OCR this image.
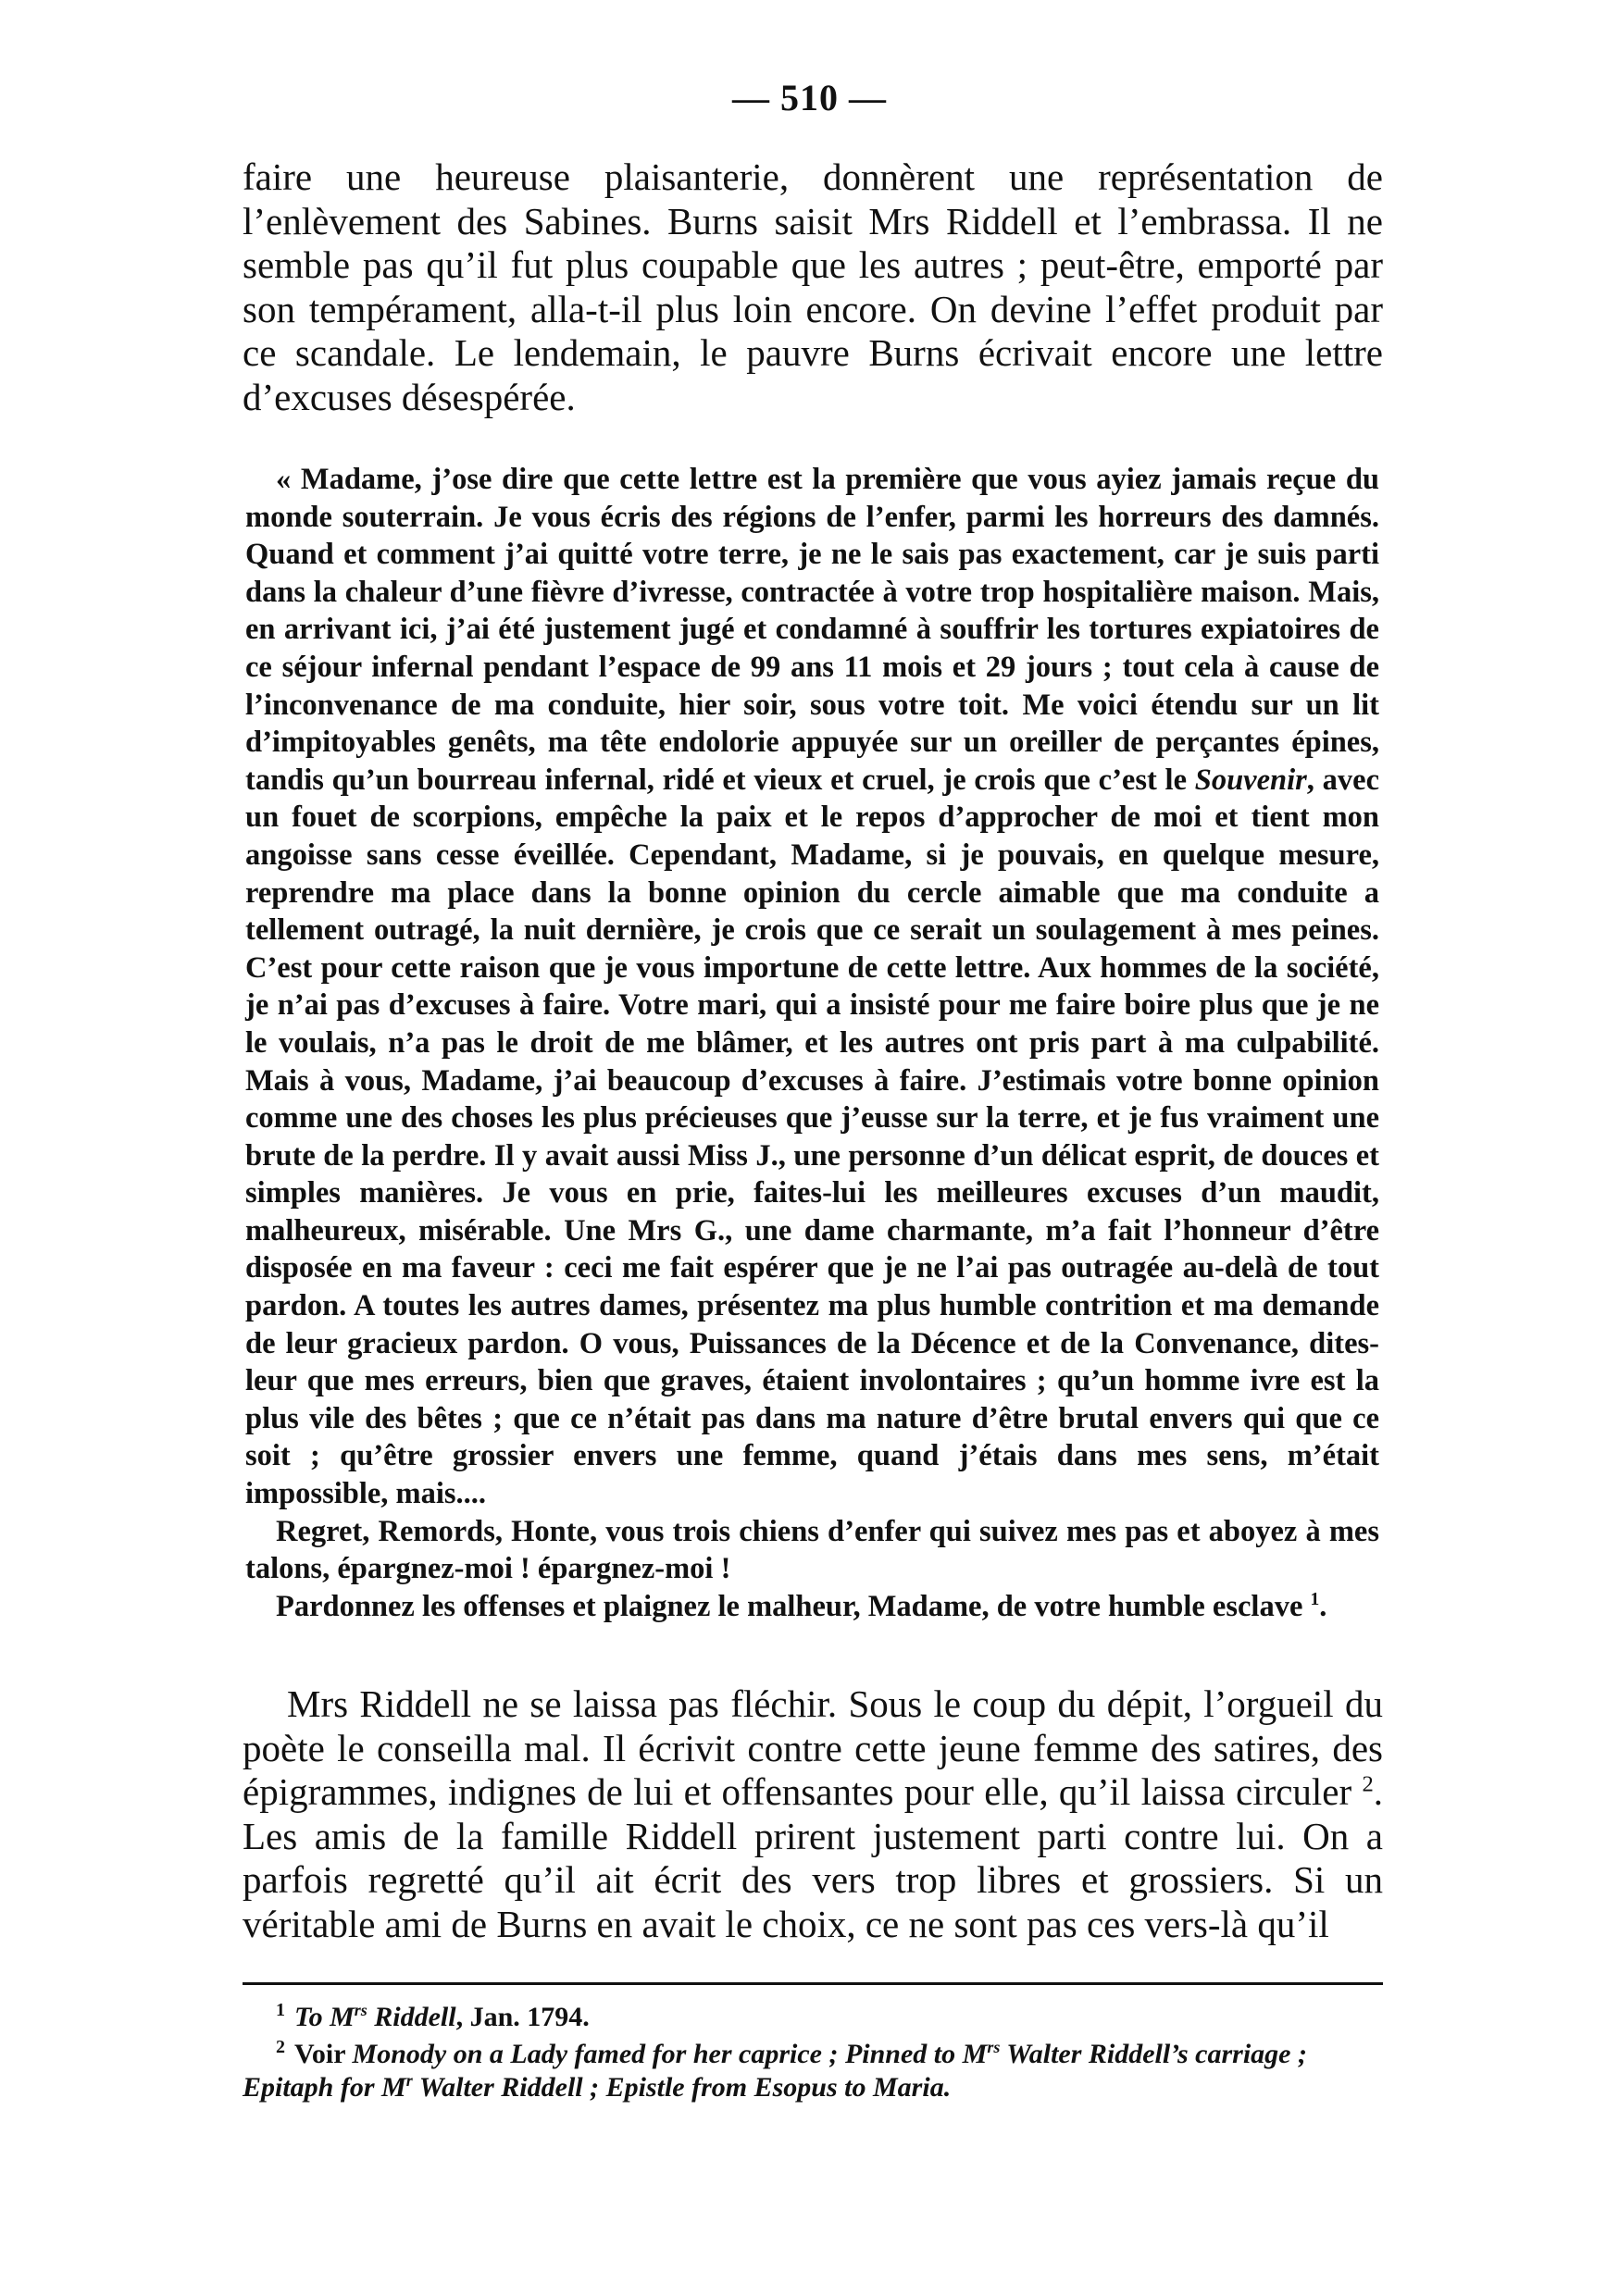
— 510 —

faire une heureuse plaisanterie, donnèrent une représentation de l’enlèvement des Sabines. Burns saisit Mrs Riddell et l’embrassa. Il ne semble pas qu’il fut plus coupable que les autres ; peut-être, emporté par son tempérament, alla-t-il plus loin encore. On devine l’effet produit par ce scandale. Le lendemain, le pauvre Burns écrivait encore une lettre d’excuses désespérée.

« Madame, j’ose dire que cette lettre est la première que vous ayiez jamais reçue du monde souterrain. Je vous écris des régions de l’enfer, parmi les horreurs des damnés. Quand et comment j’ai quitté votre terre, je ne le sais pas exactement, car je suis parti dans la chaleur d’une fièvre d’ivresse, contractée à votre trop hospitalière maison. Mais, en arrivant ici, j’ai été justement jugé et condamné à souffrir les tortures expiatoires de ce séjour infernal pendant l’espace de 99 ans 11 mois et 29 jours ; tout cela à cause de l’inconvenance de ma conduite, hier soir, sous votre toit. Me voici étendu sur un lit d’impitoyables genêts, ma tête endolorie appuyée sur un oreiller de perçantes épines, tandis qu’un bourreau infernal, ridé et vieux et cruel, je crois que c’est le Souvenir, avec un fouet de scorpions, empêche la paix et le repos d’approcher de moi et tient mon angoisse sans cesse éveillée. Cependant, Madame, si je pouvais, en quelque mesure, reprendre ma place dans la bonne opinion du cercle aimable que ma conduite a tellement outragé, la nuit dernière, je crois que ce serait un soulagement à mes peines. C’est pour cette raison que je vous importune de cette lettre. Aux hommes de la société, je n’ai pas d’excuses à faire. Votre mari, qui a insisté pour me faire boire plus que je ne le voulais, n’a pas le droit de me blâmer, et les autres ont pris part à ma culpabilité. Mais à vous, Madame, j’ai beaucoup d’excuses à faire. J’estimais votre bonne opinion comme une des choses les plus précieuses que j’eusse sur la terre, et je fus vraiment une brute de la perdre. Il y avait aussi Miss J., une personne d’un délicat esprit, de douces et simples manières. Je vous en prie, faites-lui les meilleures excuses d’un maudit, malheureux, misérable. Une Mrs G., une dame charmante, m’a fait l’honneur d’être disposée en ma faveur : ceci me fait espérer que je ne l’ai pas outragée au-delà de tout pardon. A toutes les autres dames, présentez ma plus humble contrition et ma demande de leur gracieux pardon. O vous, Puissances de la Décence et de la Convenance, dites-leur que mes erreurs, bien que graves, étaient involontaires ; qu’un homme ivre est la plus vile des bêtes ; que ce n’était pas dans ma nature d’être brutal envers qui que ce soit ; qu’être grossier envers une femme, quand j’étais dans mes sens, m’était impossible, mais....

Regret, Remords, Honte, vous trois chiens d’enfer qui suivez mes pas et aboyez à mes talons, épargnez-moi ! épargnez-moi !

Pardonnez les offenses et plaignez le malheur, Madame, de votre humble esclave $^1$.

Mrs Riddell ne se laissa pas fléchir. Sous le coup du dépit, l’orgueil du poète le conseilla mal. Il écrivit contre cette jeune femme des satires, des épigrammes, indignes de lui et offensantes pour elle, qu’il laissa circuler $^2$. Les amis de la famille Riddell prirent justement parti contre lui. On a parfois regretté qu’il ait écrit des vers trop libres et grossiers. Si un véritable ami de Burns en avait le choix, ce ne sont pas ces vers-là qu’il

$^1$ To $M^{rs}$ Riddell, Jan. 1794.

$^2$ Voir Monody on a Lady famed for her caprice ; Pinned to $M^{rs}$ Walter Riddell’s carriage ; Epitaph for $M^r$ Walter Riddell ; Epistle from Esopus to Maria.
